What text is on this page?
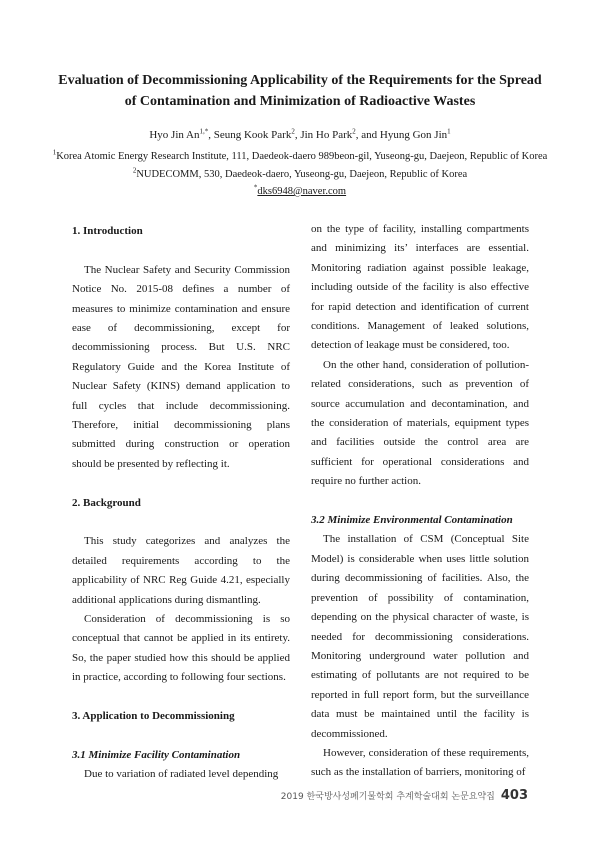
Evaluation of Decommissioning Applicability of the Requirements for the Spread
of Contamination and Minimization of Radioactive Wastes
Hyo Jin $An^{1,*}$, Seung Kook Park$^2$, Jin Ho Park$^2$, and Hyung Gon Jin$^1$
$^1$Korea Atomic Energy Research Institute, 111, Daedeok-daero 989beon-gil, Yuseong-gu, Daejeon, Republic of Korea
$^2$NUDECOMM, 530, Daedeok-daero, Yuseong-gu, Daejeon, Republic of Korea
*dks6948@naver.com

1. Introduction

The Nuclear Safety and Security Commission Notice No. 2015-08 defines a number of measures to minimize contamination and ensure ease of decommissioning, except for decommissioning process. But U.S. NRC Regulatory Guide and the Korea Institute of Nuclear Safety (KINS) demand application to full cycles that include decommissioning. Therefore, initial decommissioning plans submitted during construction or operation should be presented by reflecting it.

2. Background

This study categorizes and analyzes the detailed requirements according to the applicability of NRC Reg Guide 4.21, especially additional applications during dismantling.

Consideration of decommissioning is so conceptual that cannot be applied in its entirety. So, the paper studied how this should be applied in practice, according to following four sections.

3. Application to Decommissioning

3.1 Minimize Facility Contamination

Due to variation of radiated level depending

on the type of facility, installing compartments and minimizing its’ interfaces are essential. Monitoring radiation against possible leakage, including outside of the facility is also effective for rapid detection and identification of current conditions. Management of leaked solutions, detection of leakage must be considered, too.

On the other hand, consideration of pollution-related considerations, such as prevention of source accumulation and decontamination, and the consideration of materials, equipment types and facilities outside the control area are sufficient for operational considerations and require no further action.

3.2 Minimize Environmental Contamination

The installation of CSM (Conceptual Site Model) is considerable when uses little solution during decommissioning of facilities. Also, the prevention of possibility of contamination, depending on the physical character of waste, is needed for decommissioning considerations. Monitoring underground water pollution and estimating of pollutants are not required to be reported in full report form, but the surveillance data must be maintained until the facility is decommissioned.

However, consideration of these requirements, such as the installation of barriers, monitoring of

2019 한국방사성폐기물학회 추계학술대회 논문요약집 403
